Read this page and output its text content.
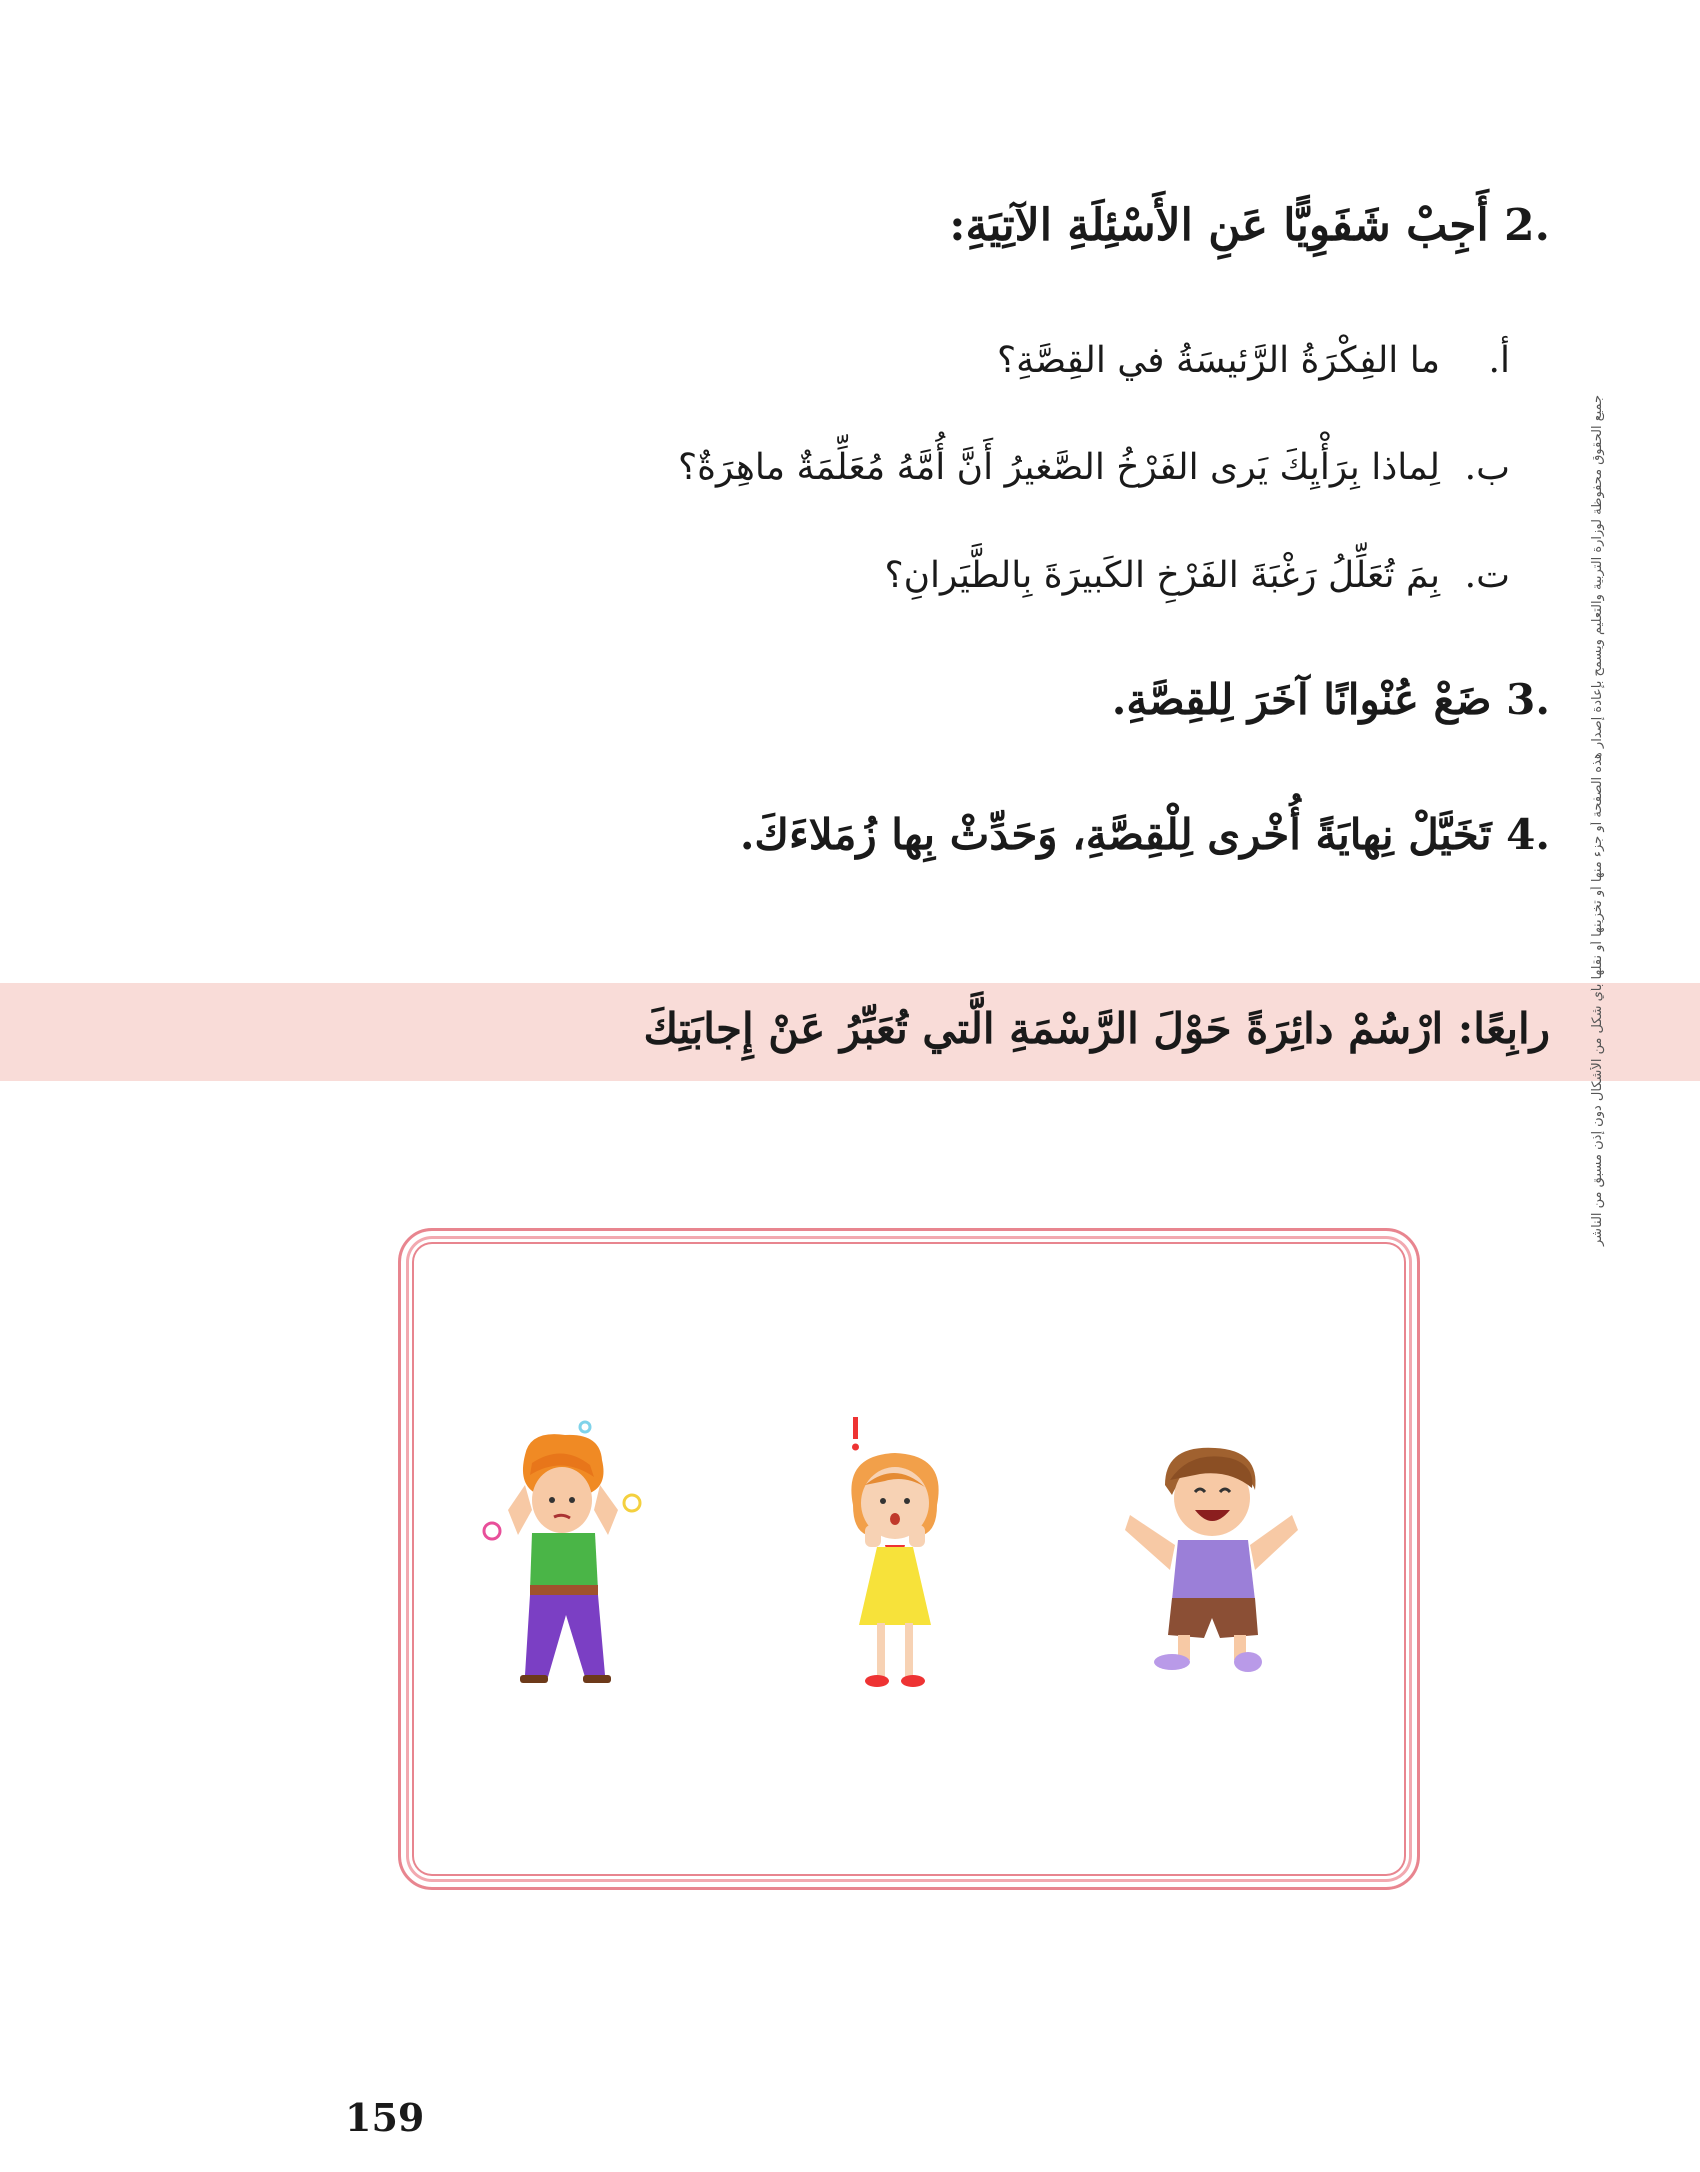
.2 أَجِبْ شَفَوِيًّا عَنِ الأَسْئِلَةِ الآتِيَةِ:
أ.ما الفِكْرَةُ الرَّئيسَةُ في القِصَّةِ؟
ب.لِماذا بِرَأْيِكَ يَرى الفَرْخُ الصَّغيرُ أَنَّ أُمَّهُ مُعَلِّمَةٌ ماهِرَةٌ؟
ت.بِمَ تُعَلِّلُ رَغْبَةَ الفَرْخِ الكَبيرَةَ بِالطَّيَرانِ؟
.3 ضَعْ عُنْوانًا آخَرَ لِلقِصَّةِ.
.4 تَخَيَّلْ نِهايَةً أُخْرى لِلْقِصَّةِ، وَحَدِّثْ بِها زُمَلاءَكَ.
رابِعًا: ارْسُمْ دائِرَةً حَوْلَ الرَّسْمَةِ الَّتي تُعَبِّرُ عَنْ إِجابَتِكَ	جميع الحقوق محفوظة لوزارة التربية والتعليم ويسمح بإعادة إصدار هذه الصفحة أو جزء منها أو تخزينها أو نقلها بأي شكل من الأشكال دون إذن مسبق من الناشر
159
